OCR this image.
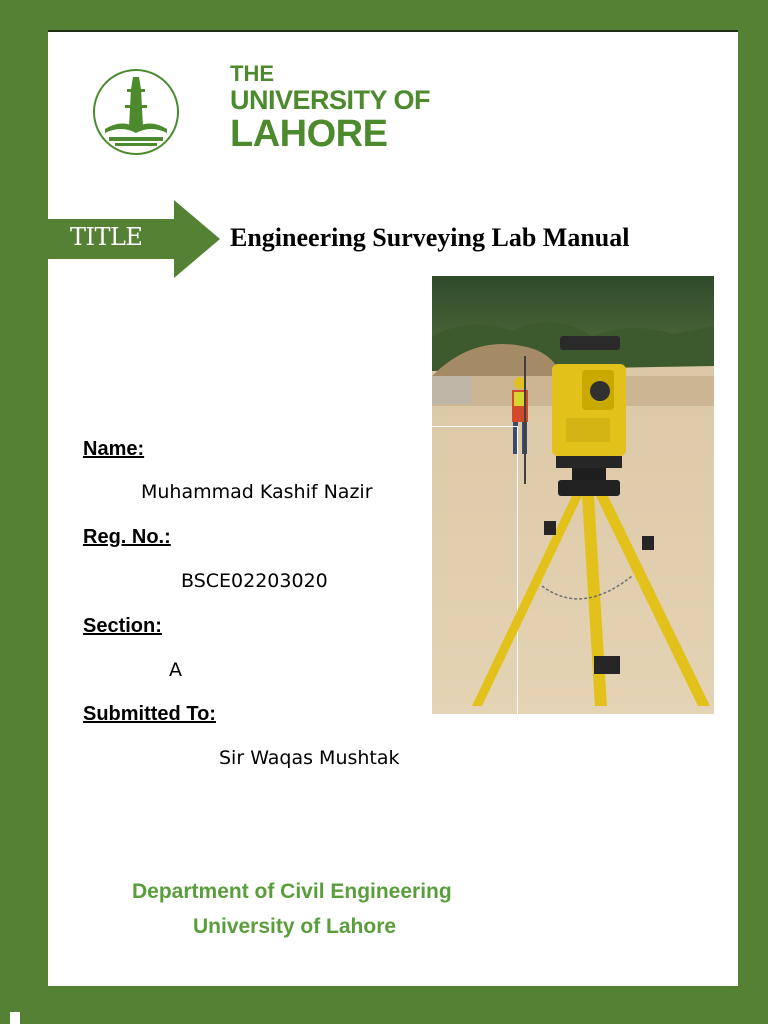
THE
UNIVERSITY OF
LAHORE
TITLE	Engineering Surveying Lab Manual
Name:
Muhammad Kashif Nazir
Reg. No.:
BSCE02203020
Section:
A
Submitted To:
Sir Waqas Mushtak
Department of Civil Engineering
University of Lahore
